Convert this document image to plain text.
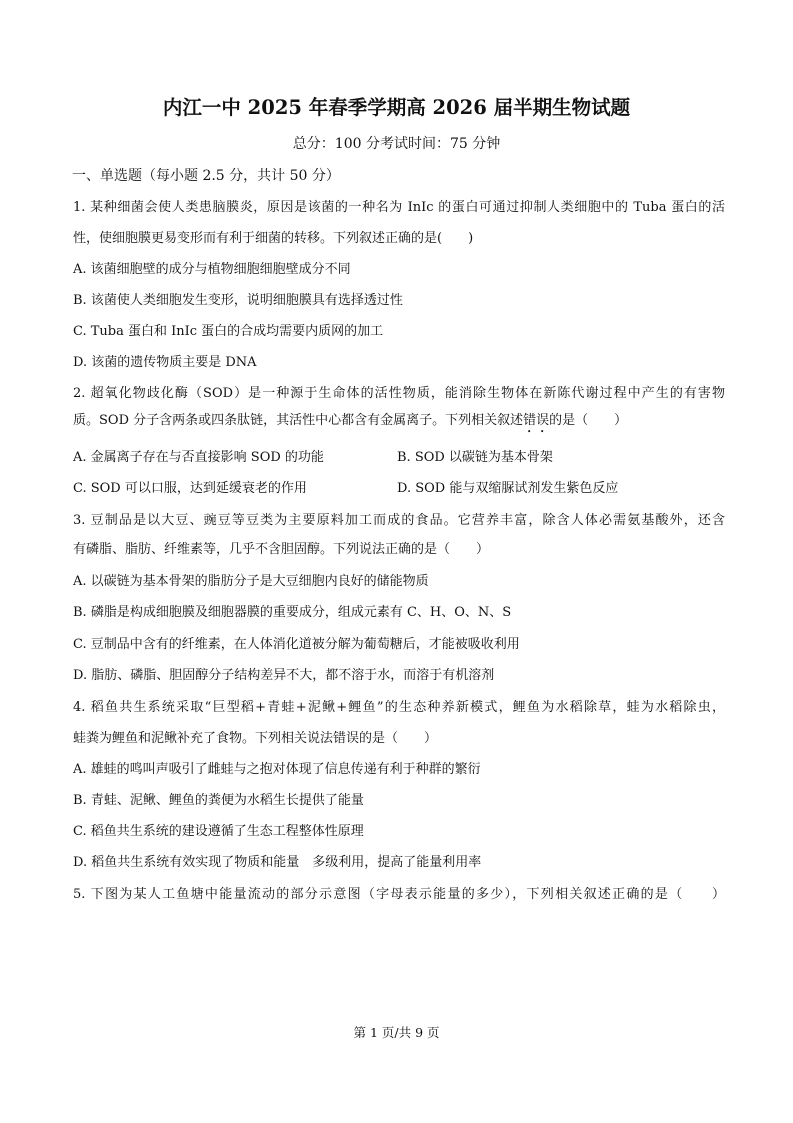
内江一中 2025 年春季学期高 2026 届半期生物试题
总分：100 分考试时间：75 分钟
一、单选题（每小题 2.5 分，共计 50 分）
1. 某种细菌会使人类患脑膜炎，原因是该菌的一种名为 InIc 的蛋白可通过抑制人类细胞中的 Tuba 蛋白的活
性，使细胞膜更易变形而有利于细菌的转移。下列叙述正确的是(　　)
A. 该菌细胞壁的成分与植物细胞细胞壁成分不同
B. 该菌使人类细胞发生变形，说明细胞膜具有选择透过性
C. Tuba 蛋白和 InIc 蛋白的合成均需要内质网的加工
D. 该菌的遗传物质主要是 DNA
2. 超氧化物歧化酶（SOD）是一种源于生命体的活性物质，能消除生物体在新陈代谢过程中产生的有害物
质。SOD 分子含两条或四条肽链，其活性中心都含有金属离子。下列相关叙述错误的是（　　）
A. 金属离子存在与否直接影响 SOD 的功能	B. SOD 以碳链为基本骨架
C. SOD 可以口服，达到延缓衰老的作用	D. SOD 能与双缩脲试剂发生紫色反应
3. 豆制品是以大豆、豌豆等豆类为主要原料加工而成的食品。它营养丰富，除含人体必需氨基酸外，还含
有磷脂、脂肪、纤维素等，几乎不含胆固醇。下列说法正确的是（　　）
A. 以碳链为基本骨架的脂肪分子是大豆细胞内良好的储能物质
B. 磷脂是构成细胞膜及细胞器膜的重要成分，组成元素有 C、H、O、N、S
C. 豆制品中含有的纤维素，在人体消化道被分解为葡萄糖后，才能被吸收利用
D. 脂肪、磷脂、胆固醇分子结构差异不大，都不溶于水，而溶于有机溶剂
4. 稻鱼共生系统采取“巨型稻+青蛙+泥鳅+鲤鱼”的生态种养新模式，鲤鱼为水稻除草，蛙为水稻除虫，
蛙粪为鲤鱼和泥鳅补充了食物。下列相关说法错误的是（　　）
A. 雄蛙的鸣叫声吸引了雌蛙与之抱对体现了信息传递有利于种群的繁衍
B. 青蛙、泥鳅、鲤鱼的粪便为水稻生长提供了能量
C. 稻鱼共生系统的建设遵循了生态工程整体性原理
D. 稻鱼共生系统有效实现了物质和能量　多级利用，提高了能量利用率
5. 下图为某人工鱼塘中能量流动的部分示意图（字母表示能量的多少），下列相关叙述正确的是（　　）
第 1 页/共 9 页
